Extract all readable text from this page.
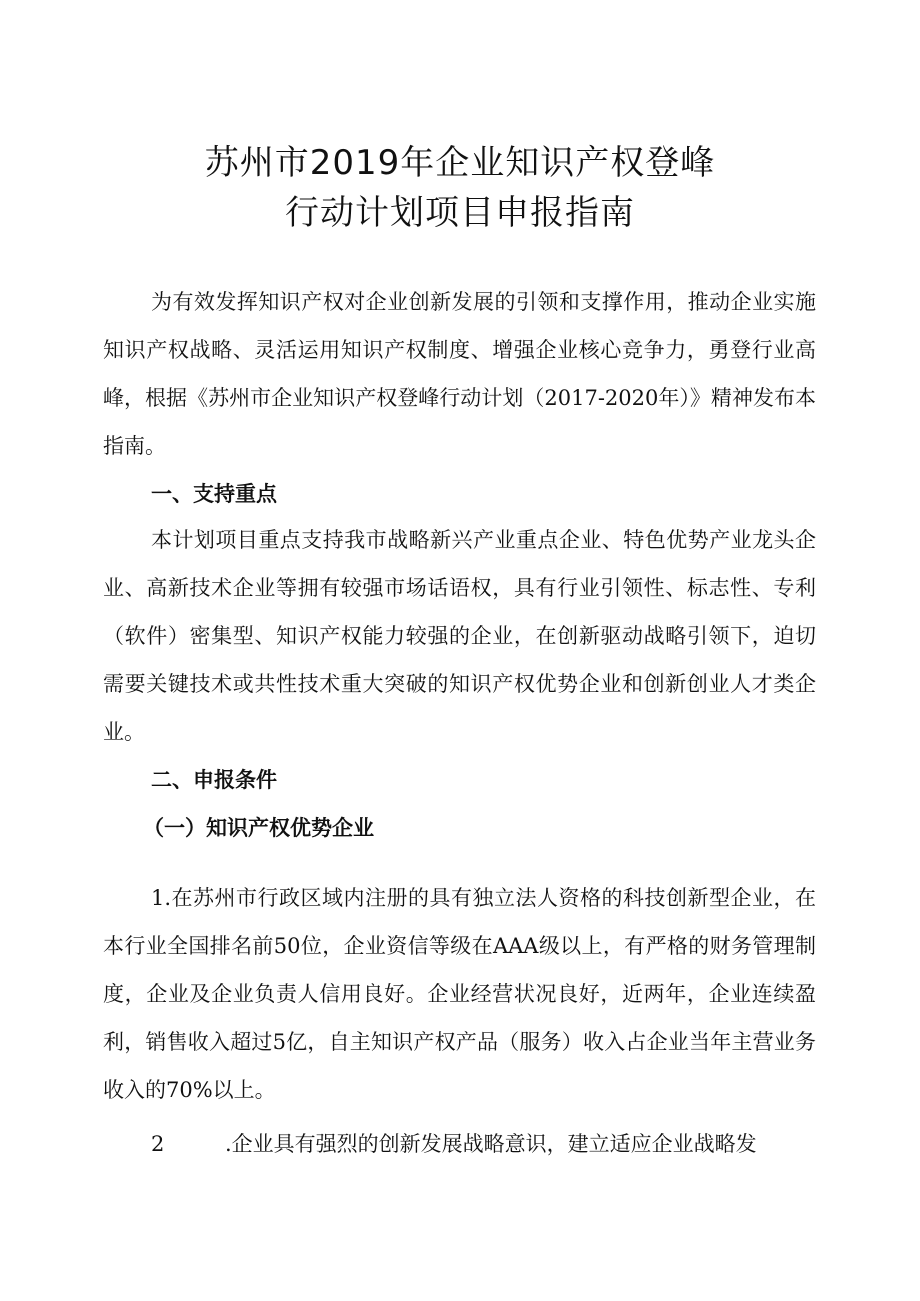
苏州市2019年企业知识产权登峰
行动计划项目申报指南

为有效发挥知识产权对企业创新发展的引领和支撑作用，推动企业实施知识产权战略、灵活运用知识产权制度、增强企业核心竞争力，勇登行业高峰，根据《苏州市企业知识产权登峰行动计划（2017-2020年）》精神发布本指南。

一、支持重点

本计划项目重点支持我市战略新兴产业重点企业、特色优势产业龙头企业、高新技术企业等拥有较强市场话语权，具有行业引领性、标志性、专利（软件）密集型、知识产权能力较强的企业，在创新驱动战略引领下，迫切需要关键技术或共性技术重大突破的知识产权优势企业和创新创业人才类企业。

二、申报条件
（一）知识产权优势企业

1.在苏州市行政区域内注册的具有独立法人资格的科技创新型企业，在本行业全国排名前50位，企业资信等级在AAA级以上，有严格的财务管理制度，企业及企业负责人信用良好。企业经营状况良好，近两年，企业连续盈利，销售收入超过5亿，自主知识产权产品（服务）收入占企业当年主营业务收入的70%以上。

2	.企业具有强烈的创新发展战略意识，建立适应企业战略发
